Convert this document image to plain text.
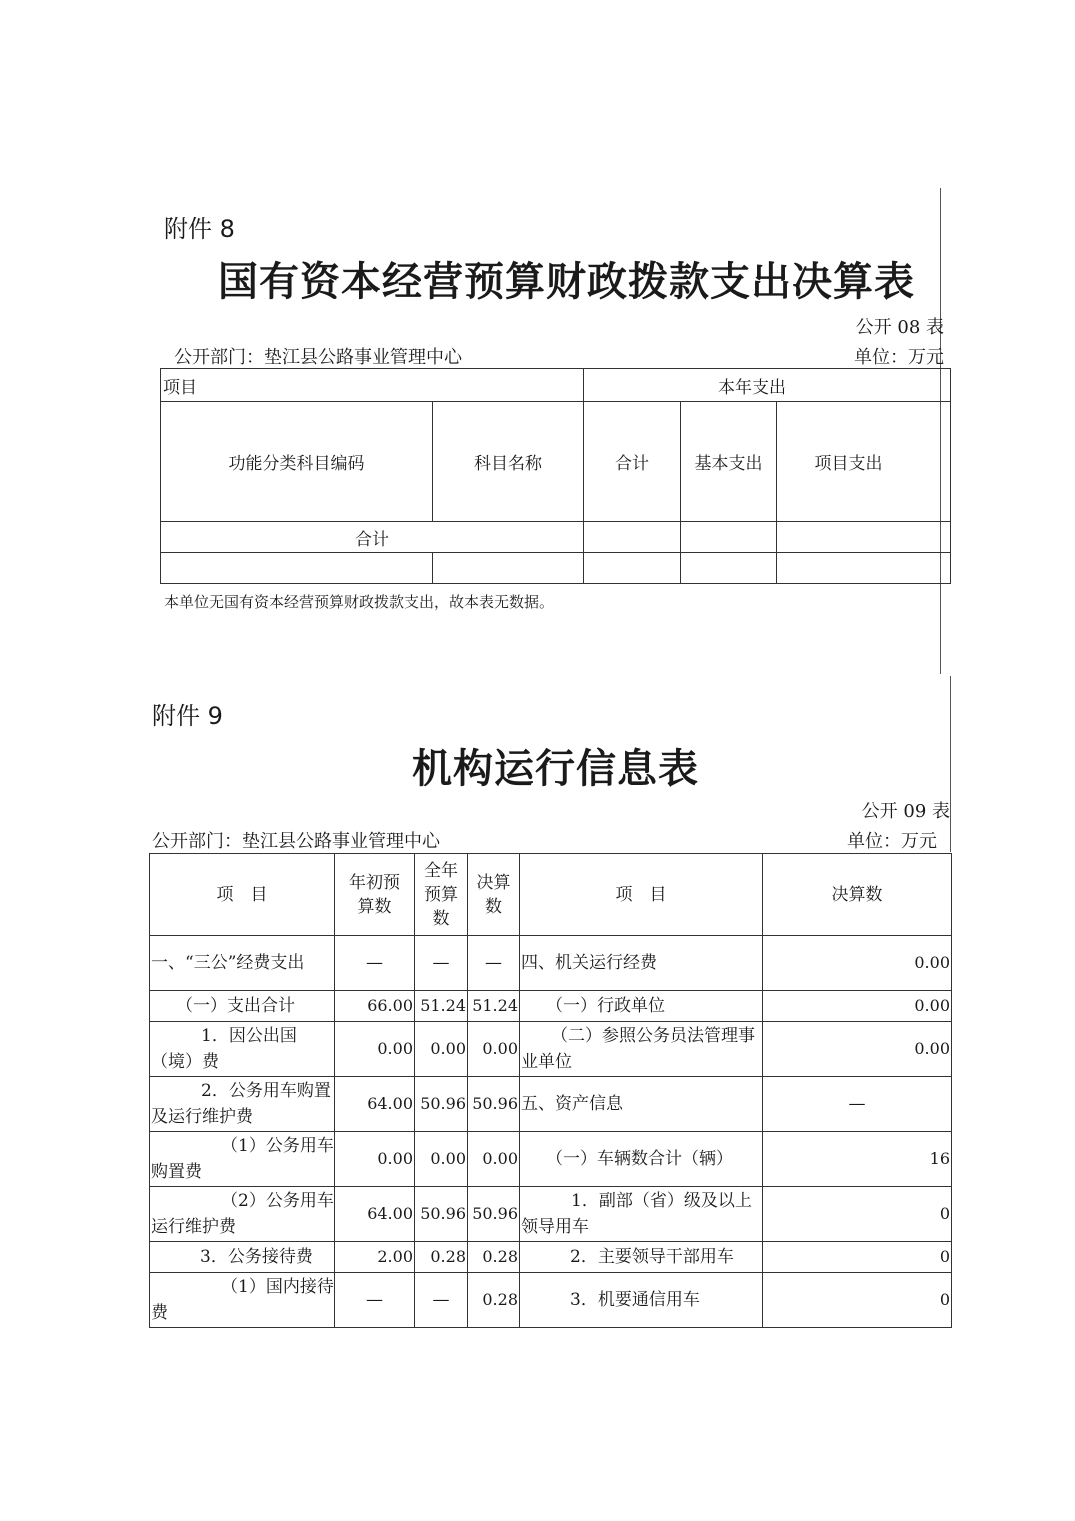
附件 8
国有资本经营预算财政拨款支出决算表
公开 08 表
公开部门：垫江县公路事业管理中心	单位：万元
项目		本年支出		
功能分类科目编码	科目名称	合计	基本支出	项目支出
合计				

本单位无国有资本经营预算财政拨款支出，故本表无数据。
附件 9
机构运行信息表
公开 09 表
公开部门：垫江县公路事业管理中心	单位：万元
项　目	年初预算数	全年预算数	决算数	项　目	决算数
一、“三公”经费支出	—	—	—	四、机关运行经费	0.00
（一）支出合计	66.00	51.24	51.24	（一）行政单位	0.00
1．因公出国（境）费	0.00	0.00	0.00	（二）参照公务员法管理事业单位	0.00
2．公务用车购置及运行维护费	64.00	50.96	50.96	五、资产信息	—
（1）公务用车购置费	0.00	0.00	0.00	（一）车辆数合计（辆）	16
（2）公务用车运行维护费	64.00	50.96	50.96	1．副部（省）级及以上领导用车	0
3．公务接待费	2.00	0.28	0.28	2．主要领导干部用车	0
（1）国内接待费	—	—	0.28	3．机要通信用车	0
